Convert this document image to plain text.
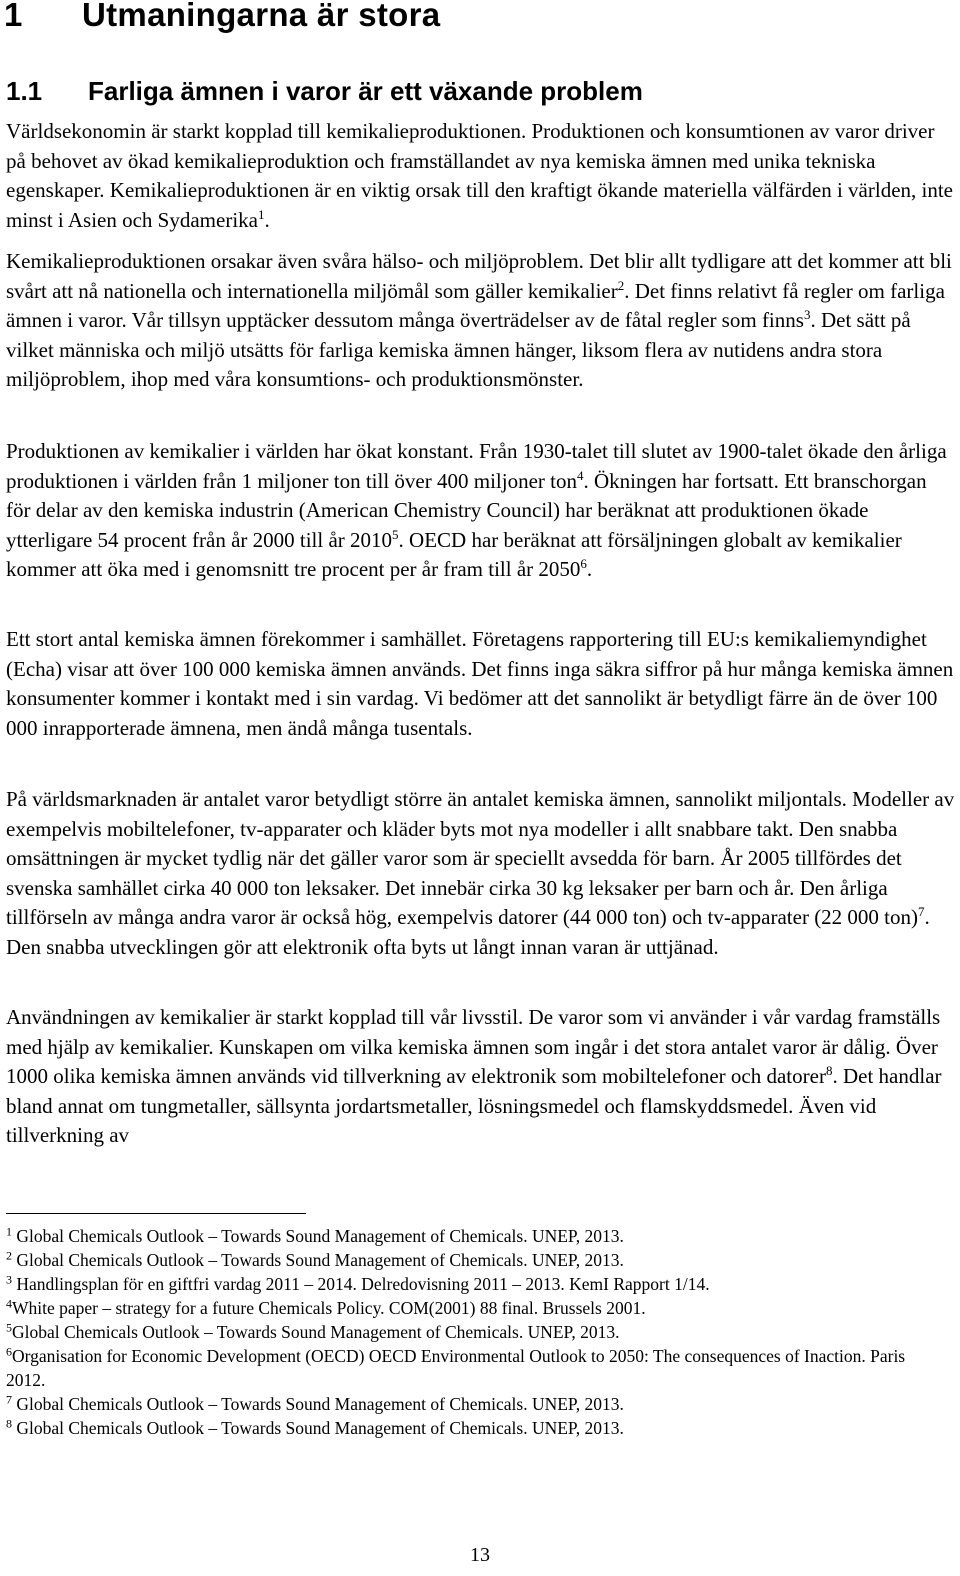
1 Utmaningarna är stora
1.1 Farliga ämnen i varor är ett växande problem

Världsekonomin är starkt kopplad till kemikalieproduktionen. Produktionen och konsumtionen av varor driver på behovet av ökad kemikalieproduktion och framställandet av nya kemiska ämnen med unika tekniska egenskaper. Kemikalieproduktionen är en viktig orsak till den kraftigt ökande materiella välfärden i världen, inte minst i Asien och Sydamerika$^1$.

Kemikalieproduktionen orsakar även svåra hälso- och miljöproblem. Det blir allt tydligare att det kommer att bli svårt att nå nationella och internationella miljömål som gäller kemikalier$^2$. Det finns relativt få regler om farliga ämnen i varor. Vår tillsyn upptäcker dessutom många överträdelser av de fåtal regler som finns$^3$. Det sätt på vilket människa och miljö utsätts för farliga kemiska ämnen hänger, liksom flera av nutidens andra stora miljöproblem, ihop med våra konsumtions- och produktionsmönster.

Produktionen av kemikalier i världen har ökat konstant. Från 1930-talet till slutet av 1900-talet ökade den årliga produktionen i världen från 1 miljoner ton till över 400 miljoner ton$^4$. Ökningen har fortsatt. Ett branschorgan för delar av den kemiska industrin (American Chemistry Council) har beräknat att produktionen ökade ytterligare 54 procent från år 2000 till år 2010$^5$. OECD har beräknat att försäljningen globalt av kemikalier kommer att öka med i genomsnitt tre procent per år fram till år 2050$^6$.

Ett stort antal kemiska ämnen förekommer i samhället. Företagens rapportering till EU:s kemikaliemyndighet (Echa) visar att över 100 000 kemiska ämnen används. Det finns inga säkra siffror på hur många kemiska ämnen konsumenter kommer i kontakt med i sin vardag. Vi bedömer att det sannolikt är betydligt färre än de över 100 000 inrapporterade ämnena, men ändå många tusentals.

På världsmarknaden är antalet varor betydligt större än antalet kemiska ämnen, sannolikt miljontals. Modeller av exempelvis mobiltelefoner, tv-apparater och kläder byts mot nya modeller i allt snabbare takt. Den snabba omsättningen är mycket tydlig när det gäller varor som är speciellt avsedda för barn. År 2005 tillfördes det svenska samhället cirka 40 000 ton leksaker. Det innebär cirka 30 kg leksaker per barn och år. Den årliga tillförseln av många andra varor är också hög, exempelvis datorer (44 000 ton) och tv-apparater (22 000 ton)$^7$. Den snabba utvecklingen gör att elektronik ofta byts ut långt innan varan är uttjänad.

Användningen av kemikalier är starkt kopplad till vår livsstil. De varor som vi använder i vår vardag framställs med hjälp av kemikalier. Kunskapen om vilka kemiska ämnen som ingår i det stora antalet varor är dålig. Över 1000 olika kemiska ämnen används vid tillverkning av elektronik som mobiltelefoner och datorer$^8$. Det handlar bland annat om tungmetaller, sällsynta jordartsmetaller, lösningsmedel och flamskyddsmedel. Även vid tillverkning av

$^1$ Global Chemicals Outlook – Towards Sound Management of Chemicals. UNEP, 2013.

$^2$ Global Chemicals Outlook – Towards Sound Management of Chemicals. UNEP, 2013.

$^3$ Handlingsplan för en giftfri vardag 2011 – 2014. Delredovisning 2011 – 2013. KemI Rapport 1/14.

$^4$White paper – strategy for a future Chemicals Policy. COM(2001) 88 final. Brussels 2001.

$^5$Global Chemicals Outlook – Towards Sound Management of Chemicals. UNEP, 2013.

$^6$Organisation for Economic Development (OECD) OECD Environmental Outlook to 2050: The consequences of Inaction. Paris 2012.

$^7$ Global Chemicals Outlook – Towards Sound Management of Chemicals. UNEP, 2013.

$^8$ Global Chemicals Outlook – Towards Sound Management of Chemicals. UNEP, 2013.

13
